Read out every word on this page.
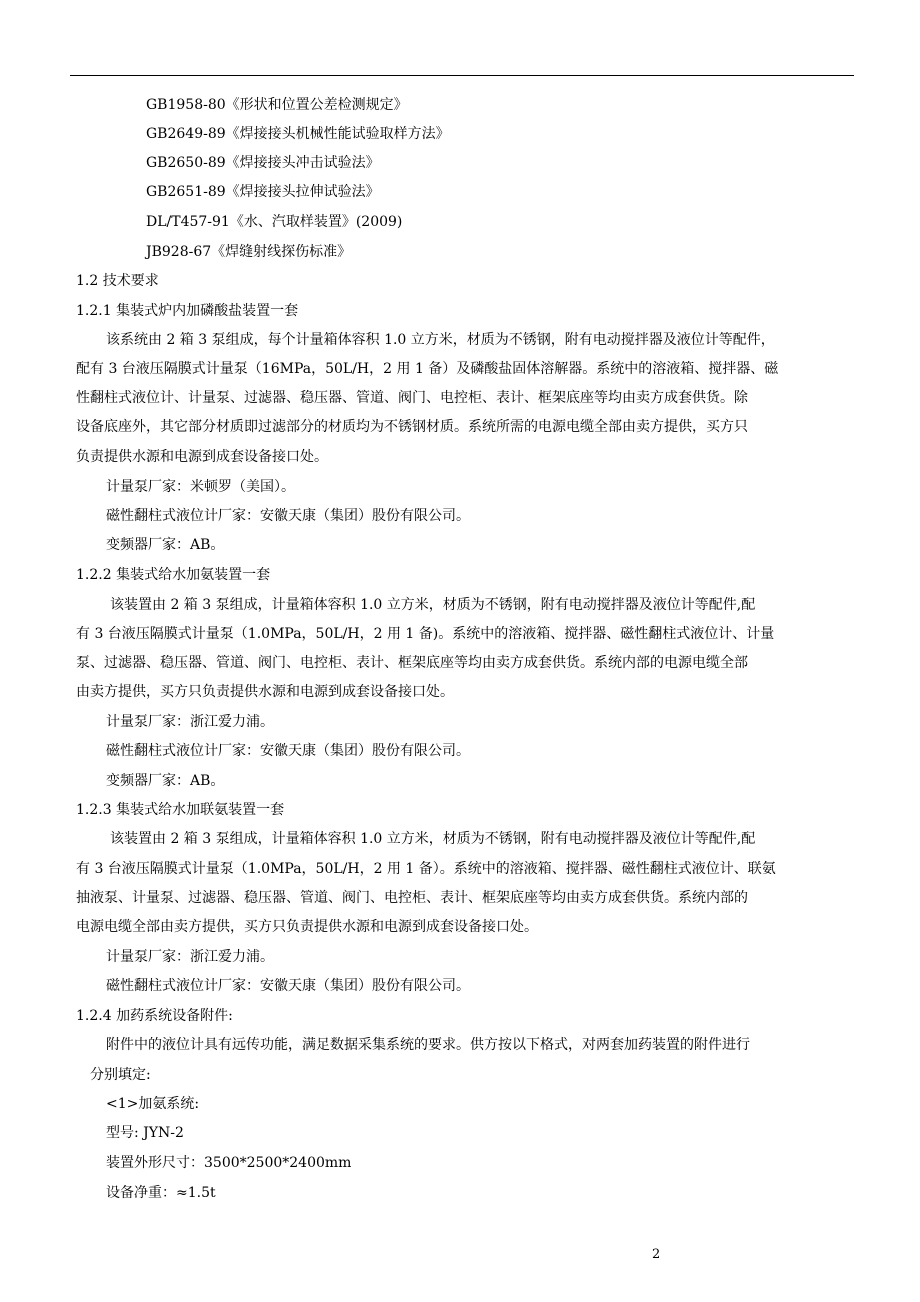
GB1958-80《形状和位置公差检测规定》
GB2649-89《焊接接头机械性能试验取样方法》
GB2650-89《焊接接头冲击试验法》
GB2651-89《焊接接头拉伸试验法》
DL/T457-91《水、汽取样装置》(2009)
JB928-67《焊缝射线探伤标准》
1.2 技术要求
1.2.1 集装式炉内加磷酸盐装置一套
该系统由 2 箱 3 泵组成，每个计量箱体容积 1.0 立方米，材质为不锈钢，附有电动搅拌器及液位计等配件，
配有 3 台液压隔膜式计量泵（16MPa，50L/H，2 用 1 备）及磷酸盐固体溶解器。系统中的溶液箱、搅拌器、磁
性翻柱式液位计、计量泵、过滤器、稳压器、管道、阀门、电控柜、表计、框架底座等均由卖方成套供货。除
设备底座外，其它部分材质即过滤部分的材质均为不锈钢材质。系统所需的电源电缆全部由卖方提供，买方只
负责提供水源和电源到成套设备接口处。
计量泵厂家：米顿罗（美国）。
磁性翻柱式液位计厂家：安徽天康（集团）股份有限公司。
变频器厂家：AB。
1.2.2 集装式给水加氨装置一套
该装置由 2 箱 3 泵组成，计量箱体容积 1.0 立方米，材质为不锈钢，附有电动搅拌器及液位计等配件,配
有 3 台液压隔膜式计量泵（1.0MPa，50L/H，2 用 1 备)。系统中的溶液箱、搅拌器、磁性翻柱式液位计、计量
泵、过滤器、稳压器、管道、阀门、电控柜、表计、框架底座等均由卖方成套供货。系统内部的电源电缆全部
由卖方提供，买方只负责提供水源和电源到成套设备接口处。
计量泵厂家：浙江爱力浦。
磁性翻柱式液位计厂家：安徽天康（集团）股份有限公司。
变频器厂家：AB。
1.2.3 集装式给水加联氨装置一套
该装置由 2 箱 3 泵组成，计量箱体容积 1.0 立方米，材质为不锈钢，附有电动搅拌器及液位计等配件,配
有 3 台液压隔膜式计量泵（1.0MPa，50L/H，2 用 1 备）。系统中的溶液箱、搅拌器、磁性翻柱式液位计、联氨
抽液泵、计量泵、过滤器、稳压器、管道、阀门、电控柜、表计、框架底座等均由卖方成套供货。系统内部的
电源电缆全部由卖方提供，买方只负责提供水源和电源到成套设备接口处。
计量泵厂家：浙江爱力浦。
磁性翻柱式液位计厂家：安徽天康（集团）股份有限公司。
1.2.4 加药系统设备附件:
附件中的液位计具有远传功能，满足数据采集系统的要求。供方按以下格式，对两套加药装置的附件进行
分别填定:
<1>加氨系统:
型号: JYN-2
装置外形尺寸：3500*2500*2400mm
设备净重：≈1.5t
2
